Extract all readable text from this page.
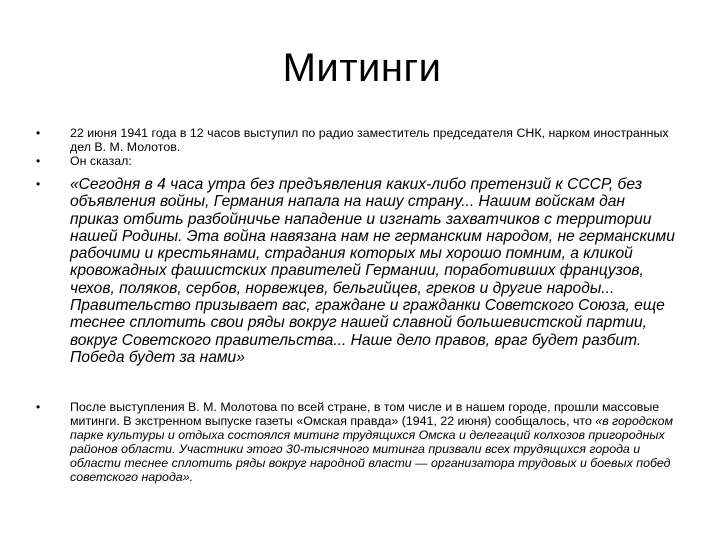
Митинги
•	22 июня 1941 года в 12 часов выступил по радио заместитель председателя СНК, нарком иностранных дел В. М. Молотов.
•	Он сказал:
•	«Сегодня в 4 часа утра без предъявления каких-либо претензий к СССР, без объявления войны, Германия напала на нашу страну... Нашим войскам дан приказ отбить разбойничье нападение и изгнать захватчиков с территории нашей Родины. Эта война навязана нам не германским народом, не германскими рабочими и крестьянами, страдания которых мы хорошо помним, а кликой кровожадных фашистских правителей Германии, поработивших французов, чехов, поляков, сербов, норвежцев, бельгийцев, греков и другие народы... Правительство призывает вас, граждане и гражданки Советского Союза, еще теснее сплотить свои ряды вокруг нашей славной большевистской партии, вокруг Советского правительства... Наше дело правов, враг будет разбит. Победа будет за нами»
•	После выступления В. М. Молотова по всей стране, в том числе и в нашем городе, прошли массовые митинги. В экстренном выпуске газеты «Омская правда» (1941, 22 июня) сообщалось, что «в городском парке культуры и отдыха состоялся митинг трудящихся Омска и делегаций колхозов пригородных районов области. Участники этого 30-тысячного митинга призвали всех трудящихся города и области теснее сплотить ряды вокруг народной власти — организатора трудовых и боевых побед советского народа».
